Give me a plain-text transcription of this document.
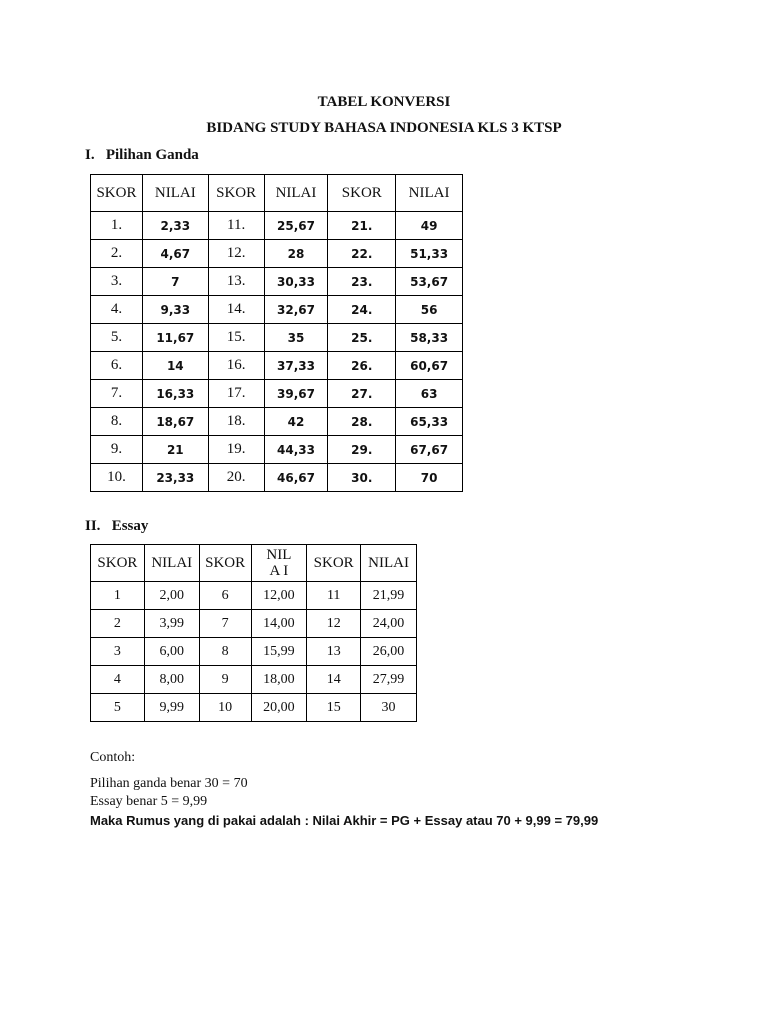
TABEL KONVERSI
BIDANG STUDY BAHASA INDONESIA KLS 3 KTSP
I. Pilihan Ganda
SKOR	NILAI	SKOR	NILAI	SKOR	NILAI
1.	2,33	11.	25,67	21.	49
2.	4,67	12.	28	22.	51,33
3.	7	13.	30,33	23.	53,67
4.	9,33	14.	32,67	24.	56
5.	11,67	15.	35	25.	58,33
6.	14	16.	37,33	26.	60,67
7.	16,33	17.	39,67	27.	63
8.	18,67	18.	42	28.	65,33
9.	21	19.	44,33	29.	67,67
10.	23,33	20.	46,67	30.	70
II. Essay
SKOR	NILAI	SKOR	NILA I	SKOR	NILAI
1	2,00	6	12,00	11	21,99
2	3,99	7	14,00	12	24,00
3	6,00	8	15,99	13	26,00
4	8,00	9	18,00	14	27,99
5	9,99	10	20,00	15	30
Contoh:
Pilihan ganda benar 30 = 70
Essay benar 5 = 9,99
Maka Rumus yang di pakai adalah : Nilai Akhir = PG + Essay atau 70 + 9,99 = 79,99
